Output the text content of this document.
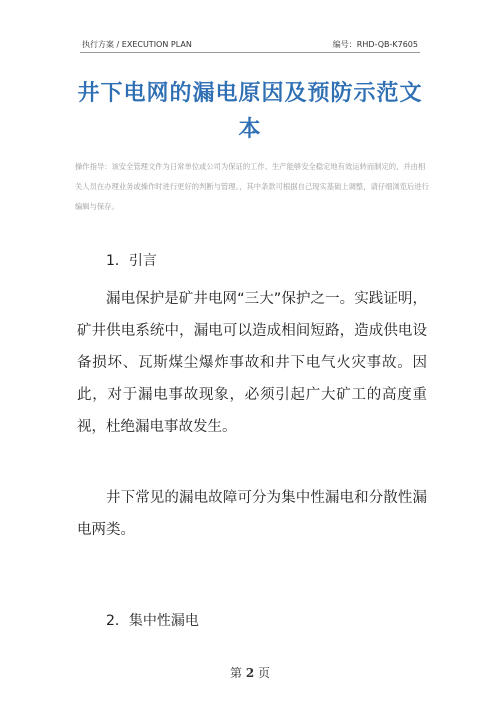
执行方案 / EXECUTION PLAN	编号：RHD-QB-K7605
井下电网的漏电原因及预防示范文本
操作指导：该安全管理文件为日常单位或公司为保证的工作、生产能够安全稳定地有效运转而制定的，并由相关人员在办理业务或操作时进行更好的判断与管理。，其中条款可根据自己现实基础上调整，请仔细浏览后进行编辑与保存。
1．引言
漏电保护是矿井电网“三大”保护之一。实践证明，矿井供电系统中，漏电可以造成相间短路，造成供电设备损坏、瓦斯煤尘爆炸事故和井下电气火灾事故。因此，对于漏电事故现象，必须引起广大矿工的高度重视，杜绝漏电事故发生。
井下常见的漏电故障可分为集中性漏电和分散性漏电两类。
2．集中性漏电
第 2 页
